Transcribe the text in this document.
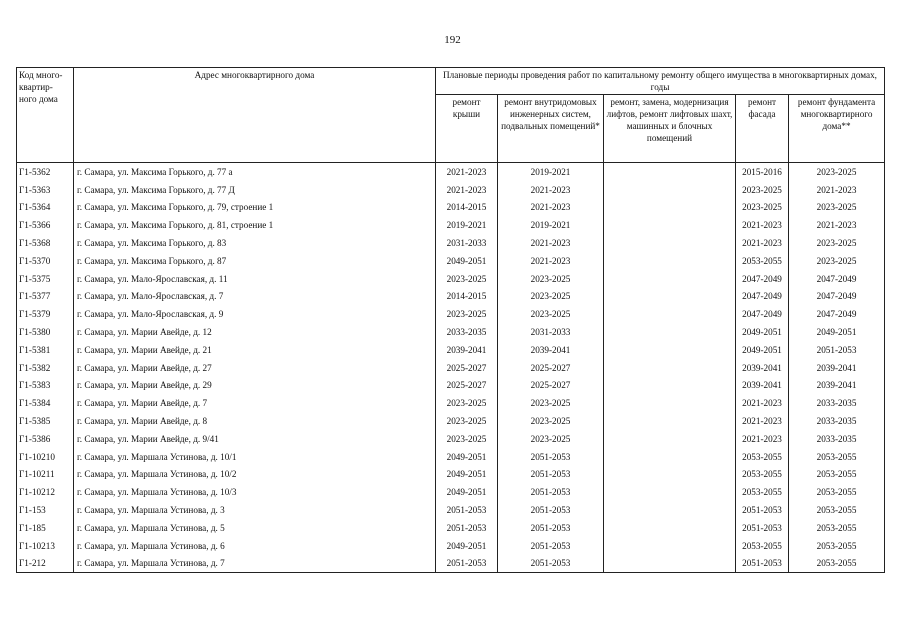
192
Код много-
квартир-
ного дома	Адрес многоквартирного дома	Плановые периоды проведения работ по капитальному ремонту общего имущества в многоквартирных домах, годы				
		ремонт крыши	ремонт внутридомовых инженерных систем, подвальных помещений*	ремонт, замена, модернизация лифтов, ремонт лифтовых шахт, машинных и блочных помещений	ремонт фасада	ремонт фундамента многоквартирного дома**
Г1-5362	г. Самара, ул. Максима Горького, д. 77 а	2021-2023	2019-2021		2015-2016	2023-2025
Г1-5363	г. Самара, ул. Максима Горького, д. 77 Д	2021-2023	2021-2023		2023-2025	2021-2023
Г1-5364	г. Самара, ул. Максима Горького, д. 79, строение 1	2014-2015	2021-2023		2023-2025	2023-2025
Г1-5366	г. Самара, ул. Максима Горького, д. 81, строение 1	2019-2021	2019-2021		2021-2023	2021-2023
Г1-5368	г. Самара, ул. Максима Горького, д. 83	2031-2033	2021-2023		2021-2023	2023-2025
Г1-5370	г. Самара, ул. Максима Горького, д. 87	2049-2051	2021-2023		2053-2055	2023-2025
Г1-5375	г. Самара, ул. Мало-Ярославская, д. 11	2023-2025	2023-2025		2047-2049	2047-2049
Г1-5377	г. Самара, ул. Мало-Ярославская, д. 7	2014-2015	2023-2025		2047-2049	2047-2049
Г1-5379	г. Самара, ул. Мало-Ярославская, д. 9	2023-2025	2023-2025		2047-2049	2047-2049
Г1-5380	г. Самара, ул. Марии Авейде, д. 12	2033-2035	2031-2033		2049-2051	2049-2051
Г1-5381	г. Самара, ул. Марии Авейде, д. 21	2039-2041	2039-2041		2049-2051	2051-2053
Г1-5382	г. Самара, ул. Марии Авейде, д. 27	2025-2027	2025-2027		2039-2041	2039-2041
Г1-5383	г. Самара, ул. Марии Авейде, д. 29	2025-2027	2025-2027		2039-2041	2039-2041
Г1-5384	г. Самара, ул. Марии Авейде, д. 7	2023-2025	2023-2025		2021-2023	2033-2035
Г1-5385	г. Самара, ул. Марии Авейде, д. 8	2023-2025	2023-2025		2021-2023	2033-2035
Г1-5386	г. Самара, ул. Марии Авейде, д. 9/41	2023-2025	2023-2025		2021-2023	2033-2035
Г1-10210	г. Самара, ул. Маршала Устинова, д. 10/1	2049-2051	2051-2053		2053-2055	2053-2055
Г1-10211	г. Самара, ул. Маршала Устинова, д. 10/2	2049-2051	2051-2053		2053-2055	2053-2055
Г1-10212	г. Самара, ул. Маршала Устинова, д. 10/3	2049-2051	2051-2053		2053-2055	2053-2055
Г1-153	г. Самара, ул. Маршала Устинова, д. 3	2051-2053	2051-2053		2051-2053	2053-2055
Г1-185	г. Самара, ул. Маршала Устинова, д. 5	2051-2053	2051-2053		2051-2053	2053-2055
Г1-10213	г. Самара, ул. Маршала Устинова, д. 6	2049-2051	2051-2053		2053-2055	2053-2055
Г1-212	г. Самара, ул. Маршала Устинова, д. 7	2051-2053	2051-2053		2051-2053	2053-2055
